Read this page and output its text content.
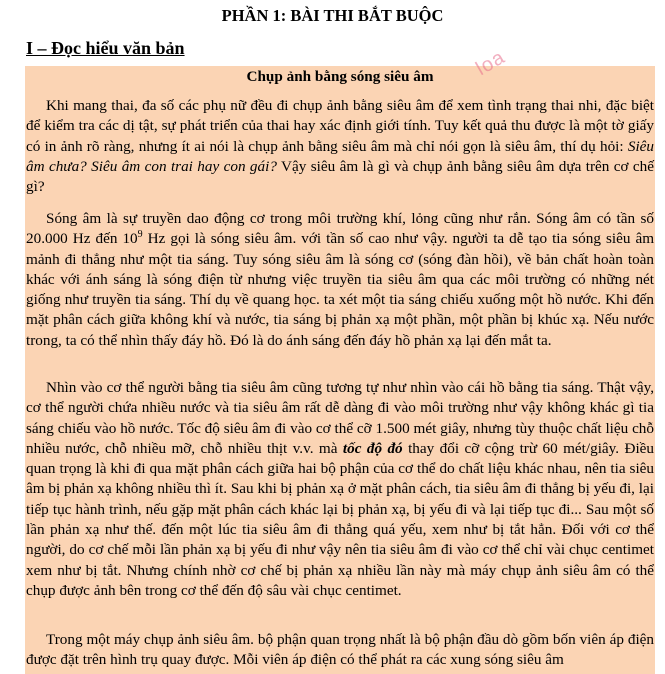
PHẦN 1: BÀI THI BẮT BUỘC
I – Đọc hiểu văn bản
Chụp ảnh bằng sóng siêu âm

Khi mang thai, đa số các phụ nữ đều đi chụp ảnh bằng siêu âm để xem tình trạng thai nhi, đặc biệt để kiểm tra các dị tật, sự phát triển của thai hay xác định giới tính. Tuy kết quả thu được là một tờ giấy có in ảnh rõ ràng, nhưng ít ai nói là chụp ảnh bằng siêu âm mà chỉ nói gọn là siêu âm, thí dụ hỏi: Siêu âm chưa? Siêu âm con trai hay con gái? Vậy siêu âm là gì và chụp ảnh bằng siêu âm dựa trên cơ chế gì?

Sóng âm là sự truyền dao động cơ trong môi trường khí, lỏng cũng như rắn. Sóng âm có tần số 20.000 Hz đến $10^9$ Hz gọi là sóng siêu âm. với tần số cao như vậy. người ta dễ tạo tia sóng siêu âm mảnh đi thẳng như một tia sáng. Tuy sóng siêu âm là sóng cơ (sóng đàn hồi), về bản chất hoàn toàn khác với ánh sáng là sóng điện từ nhưng việc truyền tia siêu âm qua các môi trường có những nét giống như truyền tia sáng. Thí dụ về quang học. ta xét một tia sáng chiếu xuống một hồ nước. Khi đến mặt phân cách giữa không khí và nước, tia sáng bị phản xạ một phần, một phần bị khúc xạ. Nếu nước trong, ta có thể nhìn thấy đáy hồ. Đó là do ánh sáng đến đáy hồ phản xạ lại đến mắt ta.

Nhìn vào cơ thể người bằng tia siêu âm cũng tương tự như nhìn vào cái hồ bằng tia sáng. Thật vậy, cơ thể người chứa nhiều nước và tia siêu âm rất dễ dàng đi vào môi trường như vậy không khác gì tia sáng chiếu vào hồ nước. Tốc độ siêu âm đi vào cơ thể cỡ 1.500 mét giây, nhưng tùy thuộc chất liệu chỗ nhiều nước, chỗ nhiều mỡ, chỗ nhiều thịt v.v. mà tốc độ đó thay đổi cỡ cộng trừ 60 mét/giây. Điều quan trọng là khi đi qua mặt phân cách giữa hai bộ phận của cơ thể do chất liệu khác nhau, nên tia siêu âm bị phản xạ không nhiều thì ít. Sau khi bị phản xạ ở mặt phân cách, tia siêu âm đi thẳng bị yếu đi, lại tiếp tục hành trình, nếu gặp mặt phân cách khác lại bị phản xạ, bị yếu đi và lại tiếp tục đi... Sau một số lần phản xạ như thế. đến một lúc tia siêu âm đi thẳng quá yếu, xem như bị tắt hẳn. Đối với cơ thể người, do cơ chế mỗi lần phản xạ bị yếu đi như vậy nên tia siêu âm đi vào cơ thể chỉ vài chục centimet xem như bị tắt. Nhưng chính nhờ cơ chế bị phản xạ nhiều lần này mà máy chụp ảnh siêu âm có thể chụp được ảnh bên trong cơ thể đến độ sâu vài chục centimet.

Trong một máy chụp ảnh siêu âm. bộ phận quan trọng nhất là bộ phận đầu dò gồm bốn viên áp điện được đặt trên hình trụ quay được. Mỗi viên áp điện có thể phát ra các xung sóng siêu âm

loa
